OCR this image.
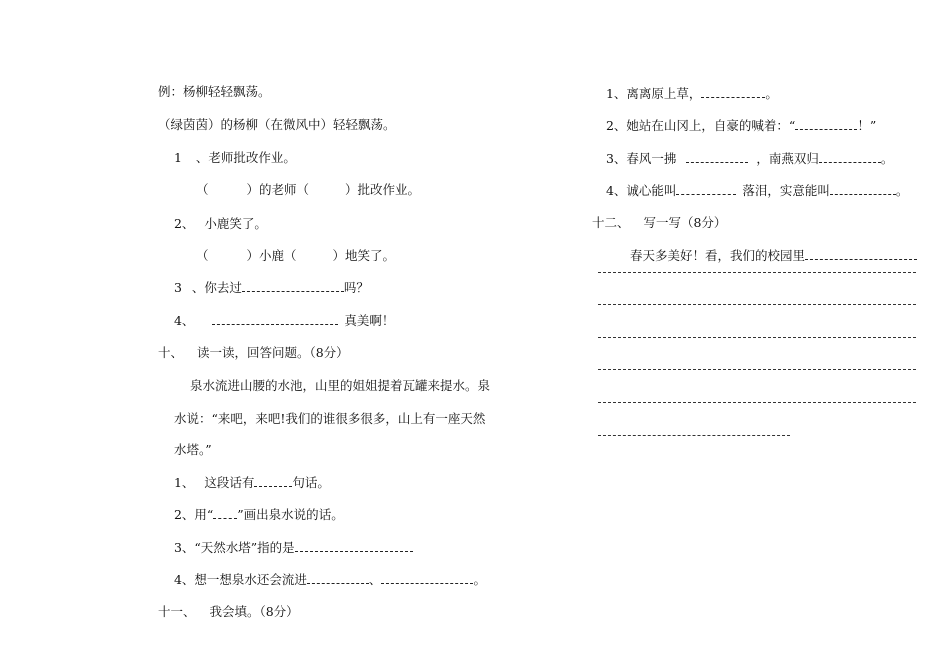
例：杨柳轻轻飘荡。

（绿茵茵）的杨柳（在微风中）轻轻飘荡。

1 、老师批改作业。

（	）的老师（	）批改作业。

2、 小鹿笑了。

（	）小鹿（	）地笑了。

3 、你去过	吗？

4、	真美啊！

十、 读一读，回答问题。（8分）

泉水流进山腰的水池，山里的姐姐提着瓦罐来提水。泉

水说：“来吧，来吧!我们的谁很多很多，山上有一座天然

水塔。”

1、 这段话有	句话。

2、用“ ”画出泉水说的话。

3、“天然水塔”指的是

4、想一想泉水还会流进	、	。

十一、 我会填。（8分）

1、离离原上草，	。

2、她站在山冈上，自豪的喊着：“	！”

3、春风一拂	，南燕双归	。

4、诚心能叫	落泪，实意能叫	。

十二、 写一写（8分）

春天多美好！看，我们的校园里
